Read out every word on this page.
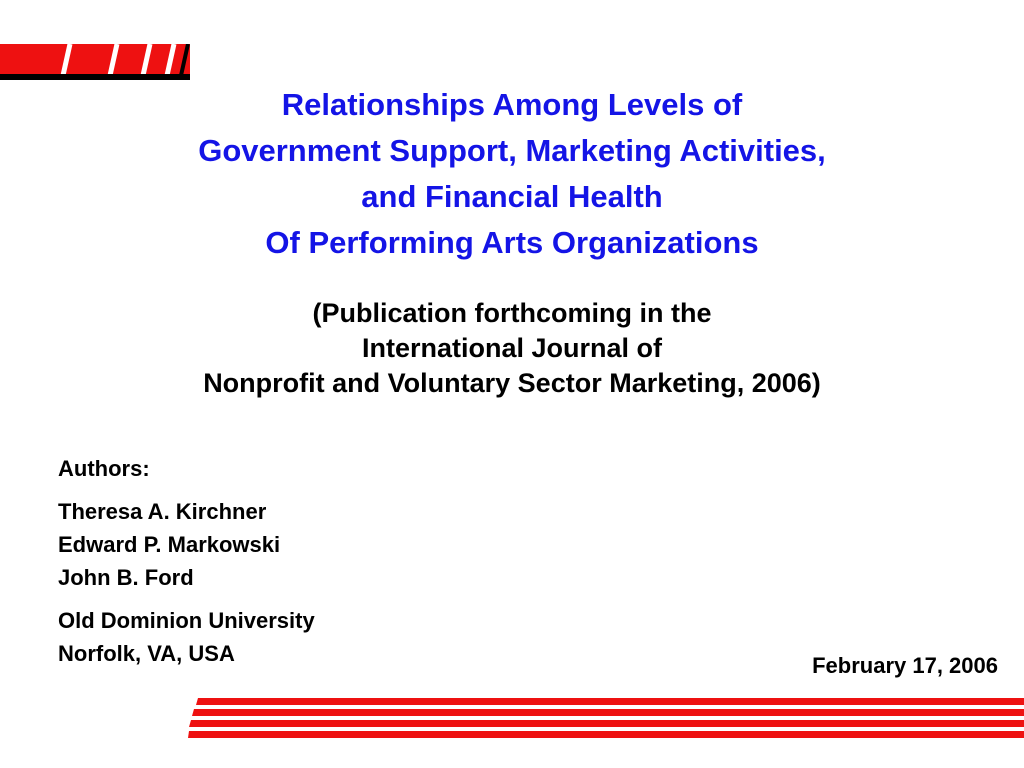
Relationships Among Levels of
Government Support, Marketing Activities,
and Financial Health
Of Performing Arts Organizations
(Publication forthcoming in the
International Journal of
Nonprofit and Voluntary Sector Marketing, 2006)
Authors:
Theresa A. Kirchner
Edward P. Markowski
John B. Ford
Old Dominion University
Norfolk, VA, USA	February 17, 2006
